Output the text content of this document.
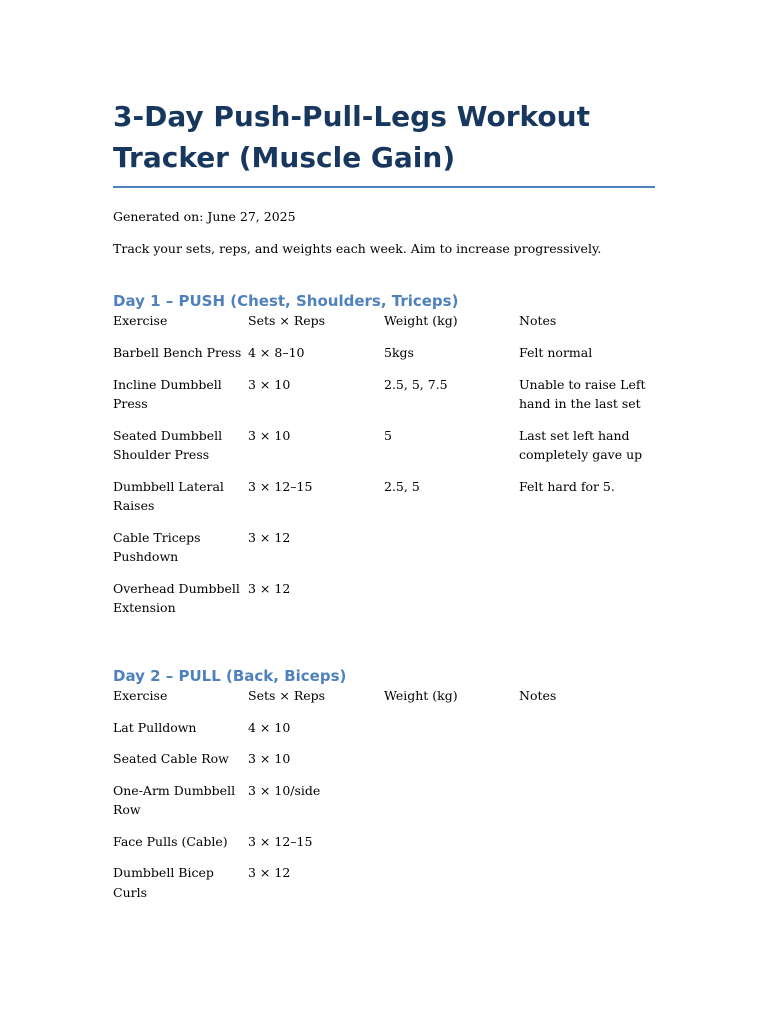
3-Day Push-Pull-Legs Workout Tracker (Muscle Gain)

Generated on: June 27, 2025

Track your sets, reps, and weights each week. Aim to increase progressively.

Day 1 – PUSH (Chest, Shoulders, Triceps)
Exercise	Sets × Reps	Weight (kg)	Notes
Barbell Bench Press	4 × 8–10	5kgs	Felt normal
Incline Dumbbell Press	3 × 10	2.5, 5, 7.5	Unable to raise Left hand in the last set
Seated Dumbbell Shoulder Press	3 × 10	5	Last set left hand completely gave up
Dumbbell Lateral Raises	3 × 12–15	2.5, 5	Felt hard for 5.
Cable Triceps Pushdown	3 × 12		
Overhead Dumbbell Extension	3 × 12		
Day 2 – PULL (Back, Biceps)
Exercise	Sets × Reps	Weight (kg)	Notes
Lat Pulldown	4 × 10		
Seated Cable Row	3 × 10		
One-Arm Dumbbell Row	3 × 10/side		
Face Pulls (Cable)	3 × 12–15		
Dumbbell Bicep Curls	3 × 12		
